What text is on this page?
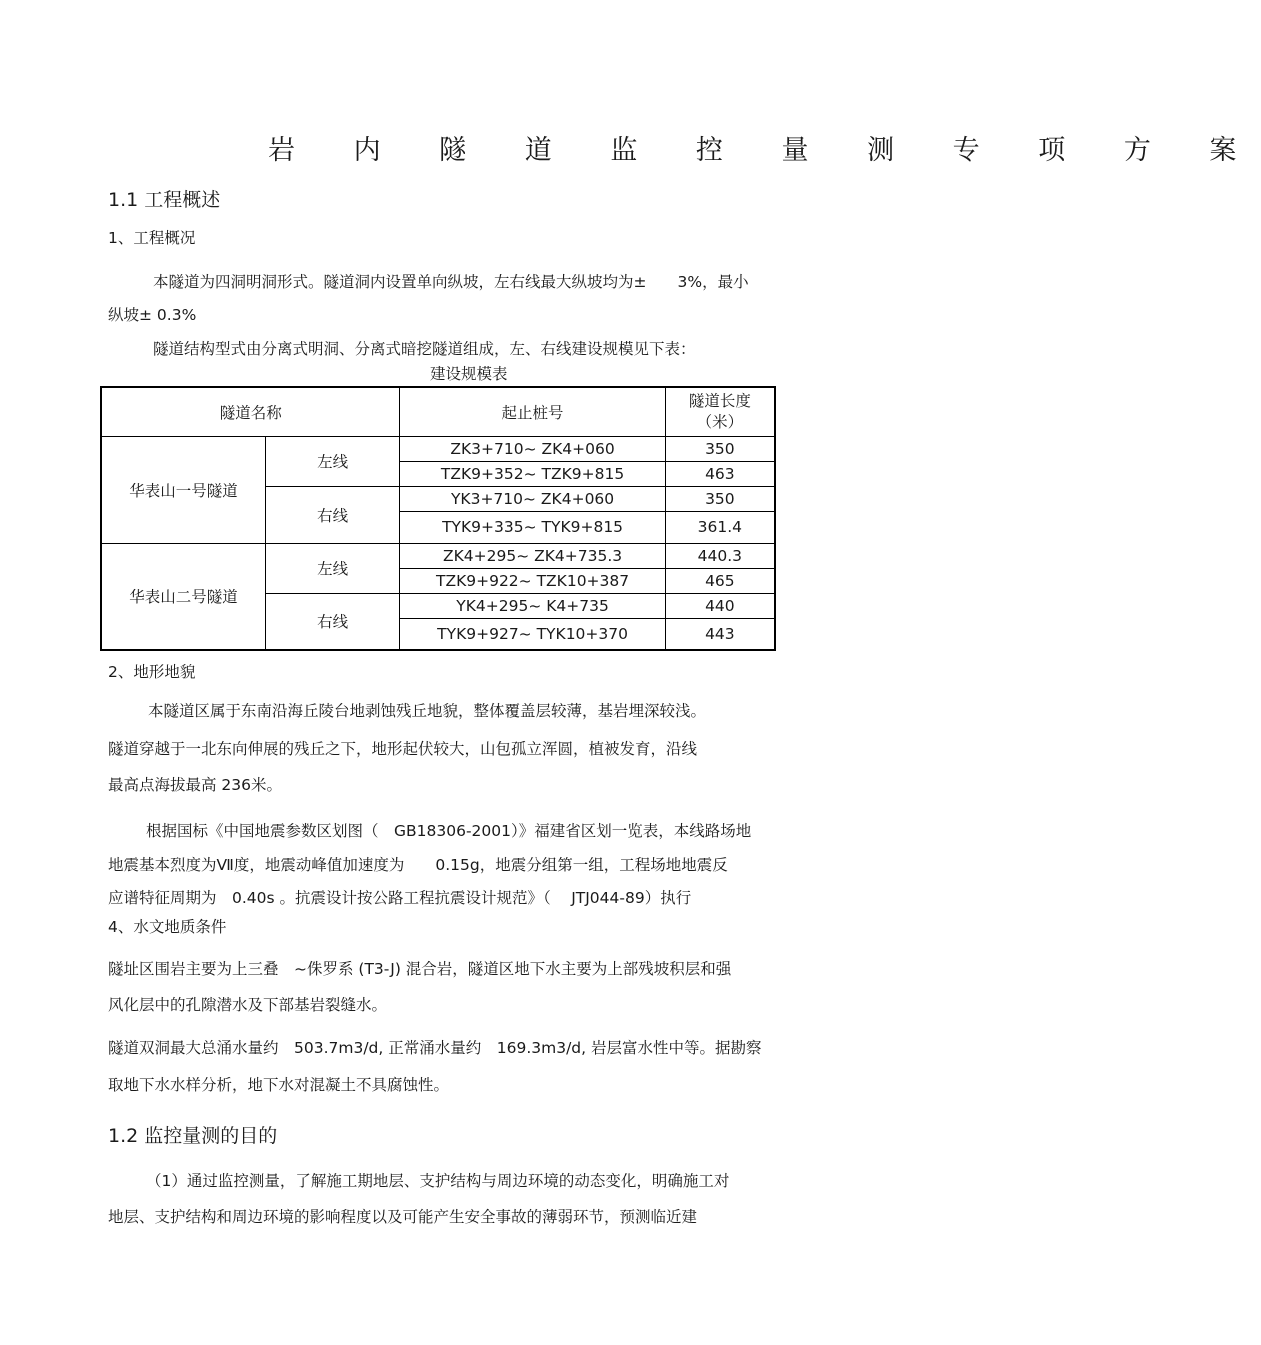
岩 内 隧 道 监 控 量 测 专 项 方 案
1.1 工程概述
1、工程概况
本隧道为四洞明洞形式。隧道洞内设置单向纵坡，左右线最大纵坡均为±　　3%，最小
纵坡± 0.3%
隧道结构型式由分离式明洞、分离式暗挖隧道组成，左、右线建设规模见下表：
建设规模表
隧道名称		起止桩号	隧道长度
（米）

华表山一号隧道	左线	ZK3+710~ ZK4+060	350
		TZK9+352~ TZK9+815	463
	右线	YK3+710~ ZK4+060	350
		TYK9+335~ TYK9+815	361.4
华表山二号隧道	左线	ZK4+295~ ZK4+735.3	440.3
		TZK9+922~ TZK10+387	465
	右线	YK4+295~ K4+735	440
		TYK9+927~ TYK10+370	443
2、地形地貌
本隧道区属于东南沿海丘陵台地剥蚀残丘地貌，整体覆盖层较薄，基岩埋深较浅。
隧道穿越于一北东向伸展的残丘之下，地形起伏较大，山包孤立浑圆，植被发育，沿线
最高点海拔最高 236米。
根据国标《中国地震参数区划图（　GB18306-2001）》福建省区划一览表，本线路场地
地震基本烈度为Ⅶ度，地震动峰值加速度为　　0.15g，地震分组第一组，工程场地地震反
应谱特征周期为　0.40s 。抗震设计按公路工程抗震设计规范》（　 JTJ044-89）执行
4、水文地质条件
隧址区围岩主要为上三叠　~侏罗系 (T3-J) 混合岩，隧道区地下水主要为上部残坡积层和强
风化层中的孔隙潜水及下部基岩裂缝水。
隧道双洞最大总涌水量约　503.7m3/d, 正常涌水量约　169.3m3/d, 岩层富水性中等。据勘察
取地下水水样分析，地下水对混凝土不具腐蚀性。
1.2 监控量测的目的
（1）通过监控测量，了解施工期地层、支护结构与周边环境的动态变化，明确施工对
地层、支护结构和周边环境的影响程度以及可能产生安全事故的薄弱环节，预测临近建
